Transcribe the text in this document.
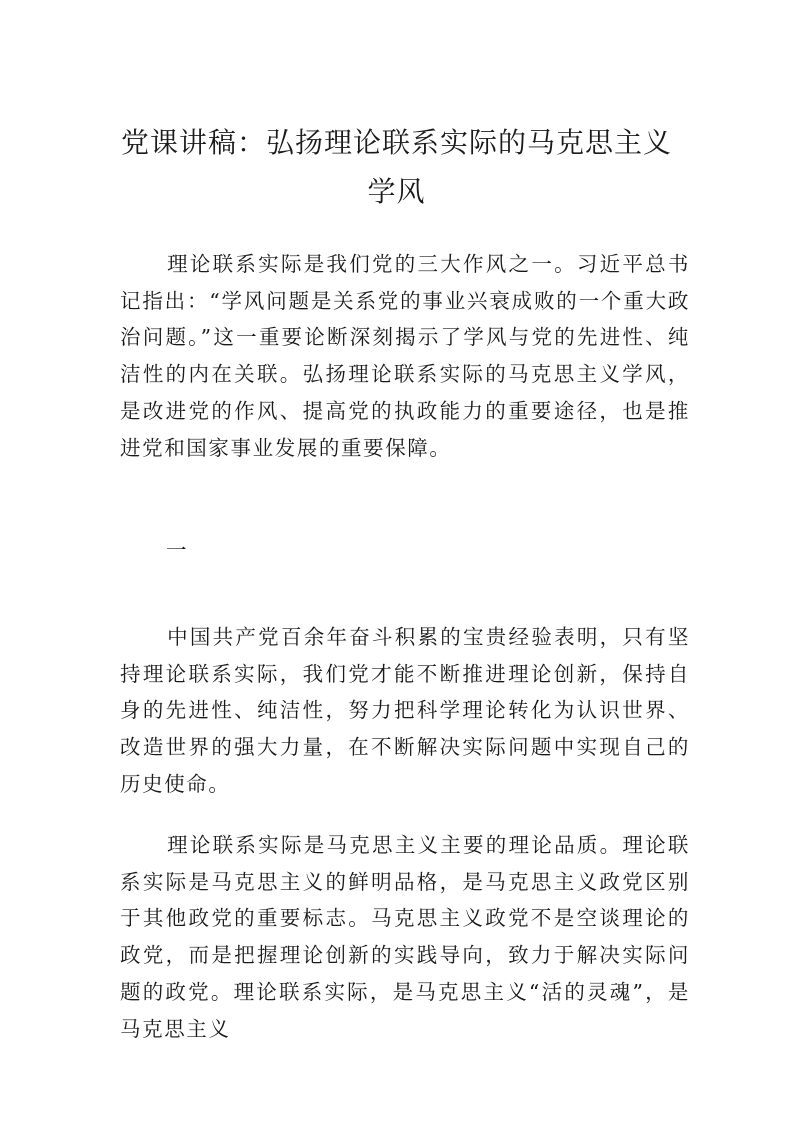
党课讲稿：弘扬理论联系实际的马克思主义学风

理论联系实际是我们党的三大作风之一。习近平总书记指出：“学风问题是关系党的事业兴衰成败的一个重大政治问题。”这一重要论断深刻揭示了学风与党的先进性、纯洁性的内在关联。弘扬理论联系实际的马克思主义学风，是改进党的作风、提高党的执政能力的重要途径，也是推进党和国家事业发展的重要保障。

一

中国共产党百余年奋斗积累的宝贵经验表明，只有坚持理论联系实际，我们党才能不断推进理论创新，保持自身的先进性、纯洁性，努力把科学理论转化为认识世界、改造世界的强大力量，在不断解决实际问题中实现自己的历史使命。

理论联系实际是马克思主义主要的理论品质。理论联系实际是马克思主义的鲜明品格，是马克思主义政党区别于其他政党的重要标志。马克思主义政党不是空谈理论的政党，而是把握理论创新的实践导向，致力于解决实际问题的政党。理论联系实际，是马克思主义“活的灵魂”，是马克思主义
